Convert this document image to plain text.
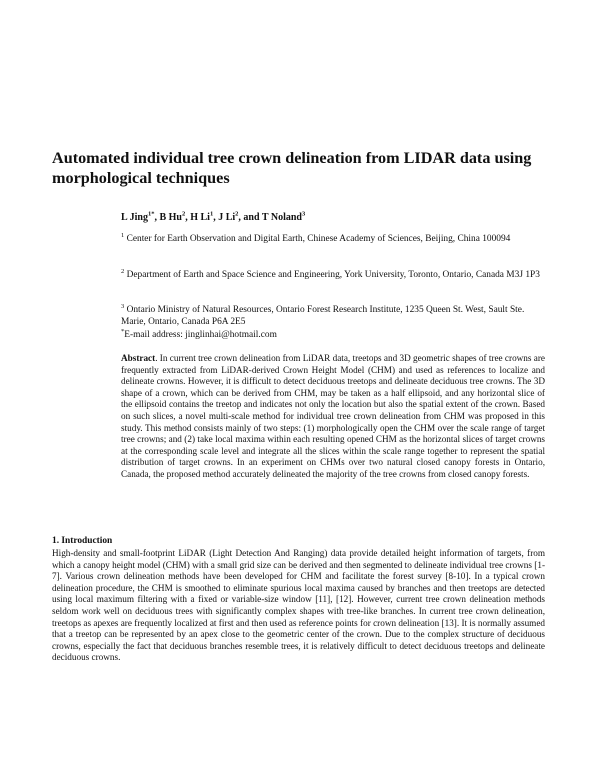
Automated individual tree crown delineation from LIDAR data using morphological techniques
L Jing$^{1*}$, B Hu$^2$, H Li$^1$, J Li$^2$, and T Noland$^3$
$^1$ Center for Earth Observation and Digital Earth, Chinese Academy of Sciences, Beijing, China 100094
$^2$ Department of Earth and Space Science and Engineering, York University, Toronto, Ontario, Canada M3J 1P3
$^3$ Ontario Ministry of Natural Resources, Ontario Forest Research Institute, 1235 Queen St. West, Sault Ste. Marie, Ontario, Canada P6A 2E5
*E-mail address: jinglinhai@hotmail.com
Abstract. In current tree crown delineation from LiDAR data, treetops and 3D geometric shapes of tree crowns are frequently extracted from LiDAR-derived Crown Height Model (CHM) and used as references to localize and delineate crowns. However, it is difficult to detect deciduous treetops and delineate deciduous tree crowns. The 3D shape of a crown, which can be derived from CHM, may be taken as a half ellipsoid, and any horizontal slice of the ellipsoid contains the treetop and indicates not only the location but also the spatial extent of the crown. Based on such slices, a novel multi-scale method for individual tree crown delineation from CHM was proposed in this study. This method consists mainly of two steps: (1) morphologically open the CHM over the scale range of target tree crowns; and (2) take local maxima within each resulting opened CHM as the horizontal slices of target crowns at the corresponding scale level and integrate all the slices within the scale range together to represent the spatial distribution of target crowns. In an experiment on CHMs over two natural closed canopy forests in Ontario, Canada, the proposed method accurately delineated the majority of the tree crowns from closed canopy forests.
1. Introduction
High-density and small-footprint LiDAR (Light Detection And Ranging) data provide detailed height information of targets, from which a canopy height model (CHM) with a small grid size can be derived and then segmented to delineate individual tree crowns [1-7]. Various crown delineation methods have been developed for CHM and facilitate the forest survey [8-10]. In a typical crown delineation procedure, the CHM is smoothed to eliminate spurious local maxima caused by branches and then treetops are detected using local maximum filtering with a fixed or variable-size window [11], [12]. However, current tree crown delineation methods seldom work well on deciduous trees with significantly complex shapes with tree-like branches. In current tree crown delineation, treetops as apexes are frequently localized at first and then used as reference points for crown delineation [13]. It is normally assumed that a treetop can be represented by an apex close to the geometric center of the crown. Due to the complex structure of deciduous crowns, especially the fact that deciduous branches resemble trees, it is relatively difficult to detect deciduous treetops and delineate deciduous crowns.
